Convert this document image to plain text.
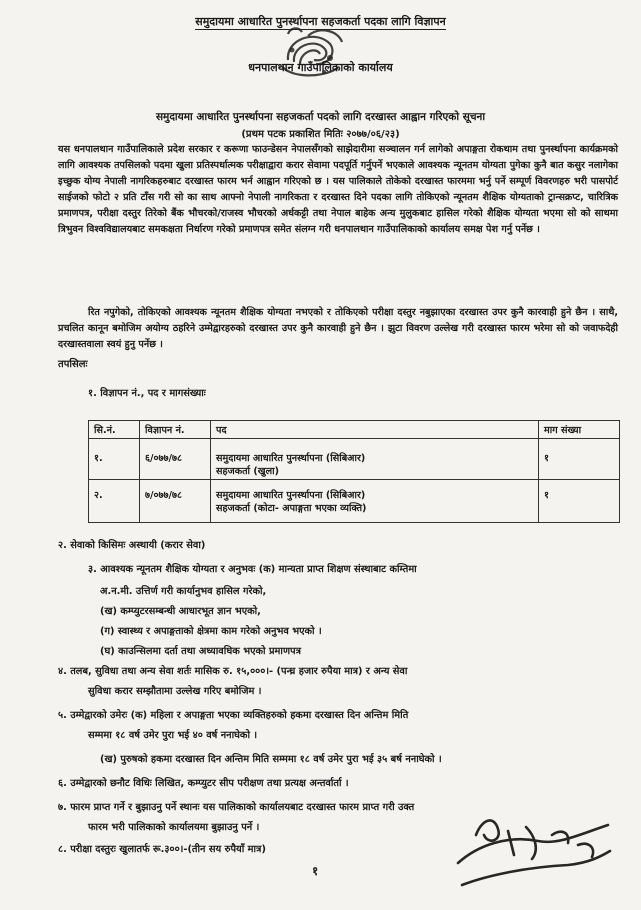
समुदायमा आधारित पुनर्स्थापना सहजकर्ता पदका लागि विज्ञापन
धनपालथान गाउँपालिकाको कार्यालय
समुदायमा आधारित पुनर्स्थापना सहजकर्ता पदको लागि दरखास्त आह्वान गरिएको सूचना
(प्रथम पटक प्रकाशित मितिः २०७७/०६/२३)
यस धनपालथान गाउँपालिकाले प्रदेश सरकार र करूणा फाउन्डेसन नेपालसँगको साझेदारीमा सञ्चालन गर्न लागेको अपाङ्गता रोकथाम तथा पुनर्स्थापना कार्यक्रमको लागि आवश्यक तपसिलको पदमा खुला प्रतिस्पर्धात्मक परीक्षाद्वारा करार सेवामा पदपूर्ति गर्नुपर्ने भएकाले आवश्यक न्यूनतम योग्यता पुगेका कुनै बात कसुर नलागेका इच्छुक योग्य नेपाली नागरिकहरुबाट दरखास्त फारम भर्न आह्वान गरिएको छ । यस पालिकाले तोकेको दरखास्त फारममा भर्नु पर्ने सम्पूर्ण विवरणहरु भरी पासपोर्ट साईजको फोटो २ प्रति टाँस गरी सो का साथ आफ्नो नेपाली नागरिकता र दरखास्त दिने पदका लागि तोकिएको न्यूनतम शैक्षिक योग्यताको ट्रान्सक्रप्ट, चारित्रिक प्रमाणपत्र, परीक्षा दस्तुर तिरेको बैंक भौचरको/राजस्व भौचरको अर्धकट्टी तथा नेपाल बाहेक अन्य मुलुकबाट हासिल गरेको शैक्षिक योग्यता भएमा सो को साथमा त्रिभुवन विश्वविद्यालयबाट समकक्षता निर्धारण गरेको प्रमाणपत्र समेत संलग्न गरी धनपालथान गाउँपालिकाको कार्यालय समक्ष पेश गर्नु पर्नेछ ।
रित नपुगेको, तोकिएको आवश्यक न्यूनतम शैक्षिक योग्यता नभएको र तोकिएको परीक्षा दस्तुर नबुझाएका दरखास्त उपर कुनै कारवाही हुने छैन । साथै, प्रचलित कानून बमोजिम अयोग्य ठहरिने उम्मेद्वारहरुको दरखास्त उपर कुनै कारवाही हुने छैन । झुटा विवरण उल्लेख गरी दरखास्त फारम भरेमा सो को जवाफदेही दरखास्तवाला स्वयं हुनु पर्नेछ ।
तपसिलः
१. विज्ञापन नं., पद र मागसंख्याः
सि.नं.	विज्ञापन नं.	पद	माग संख्या
१.	६/०७७/७८	समुदायमा आधारित पुनर्स्थापना (सिबिआर)
सहजकर्ता (खुला)	१
२.	७/०७७/७८	समुदायमा आधारित पुनर्स्थापना (सिबिआर)
सहजकर्ता (कोटा- अपाङ्गता भएका व्यक्ति)	१
२. सेवाको किसिमः अस्थायी (करार सेवा)
३. आवश्यक न्यूनतम शैक्षिक योग्यता र अनुभवः (क) मान्यता प्राप्त शिक्षण संस्थाबाट कम्तिमा
अ.न.मी. उत्तिर्ण गरी कार्यानुभव हासिल गरेको,
(ख) कम्प्युटरसम्बन्धी आधारभूत ज्ञान भएको,
(ग) स्वास्थ्य र अपाङ्गताको क्षेत्रमा काम गरेको अनुभव भएको ।
(घ) काउन्सिलमा दर्ता तथा अध्यावधिक भएको प्रमाणपत्र
४. तलब, सुविधा तथा अन्य सेवा शर्तः मासिक रु. १५,०००।- (पन्ध्र हजार रुपैया मात्र) र अन्य सेवा
सुविधा करार सम्झौतामा उल्लेख गरिए बमोजिम ।
५. उम्मेद्वारको उमेरः (क) महिला र अपाङ्गता भएका व्यक्तिहरुको हकमा दरखास्त दिन अन्तिम मिति
सम्ममा १८ वर्ष उमेर पुरा भई ४० वर्ष ननाघेको ।
(ख) पुरुषको हकमा दरखास्त दिन अन्तिम मिति सम्ममा १८ वर्ष उमेर पुरा भई ३५ बर्ष ननाघेको ।
६. उम्मेद्वारको छनौट विधिः लिखित, कम्प्युटर सीप परीक्षण तथा प्रत्यक्ष अन्तर्वार्ता ।
७. फारम प्राप्त गर्ने र बुझाउनु पर्ने स्थानः यस पालिकाको कार्यालयबाट दरखास्त फारम प्राप्त गरी उक्त
फारम भरी पालिकाको कार्यालयमा बुझाउनु पर्ने ।
८. परीक्षा दस्तुरः खुलातर्फ रू.३००।-(तीन सय रुपैयाँ मात्र)
१
